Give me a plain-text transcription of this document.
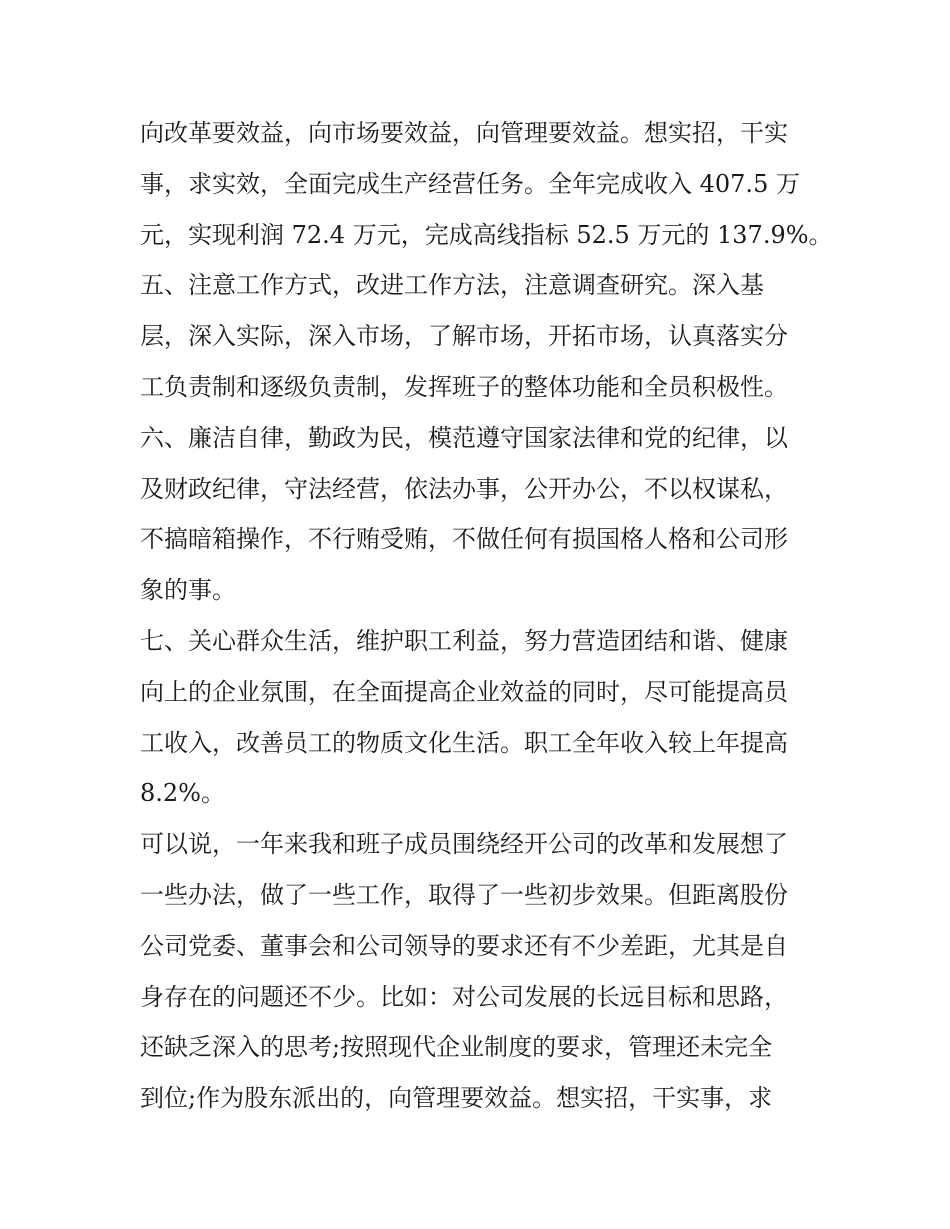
向改革要效益，向市场要效益，向管理要效益。想实招，干实
事，求实效，全面完成生产经营任务。全年完成收入 407.5 万
元，实现利润 72.4 万元，完成高线指标 52.5 万元的 137.9%。
五、注意工作方式，改进工作方法，注意调查研究。深入基
层，深入实际，深入市场，了解市场，开拓市场，认真落实分
工负责制和逐级负责制，发挥班子的整体功能和全员积极性。
六、廉洁自律，勤政为民，模范遵守国家法律和党的纪律，以
及财政纪律，守法经营，依法办事，公开办公，不以权谋私，
不搞暗箱操作，不行贿受贿，不做任何有损国格人格和公司形
象的事。
七、关心群众生活，维护职工利益，努力营造团结和谐、健康
向上的企业氛围，在全面提高企业效益的同时，尽可能提高员
工收入，改善员工的物质文化生活。职工全年收入较上年提高
8.2%。
可以说，一年来我和班子成员围绕经开公司的改革和发展想了
一些办法，做了一些工作，取得了一些初步效果。但距离股份
公司党委、董事会和公司领导的要求还有不少差距，尤其是自
身存在的问题还不少。比如：对公司发展的长远目标和思路，
还缺乏深入的思考;按照现代企业制度的要求，管理还未完全
到位;作为股东派出的，向管理要效益。想实招，干实事，求
